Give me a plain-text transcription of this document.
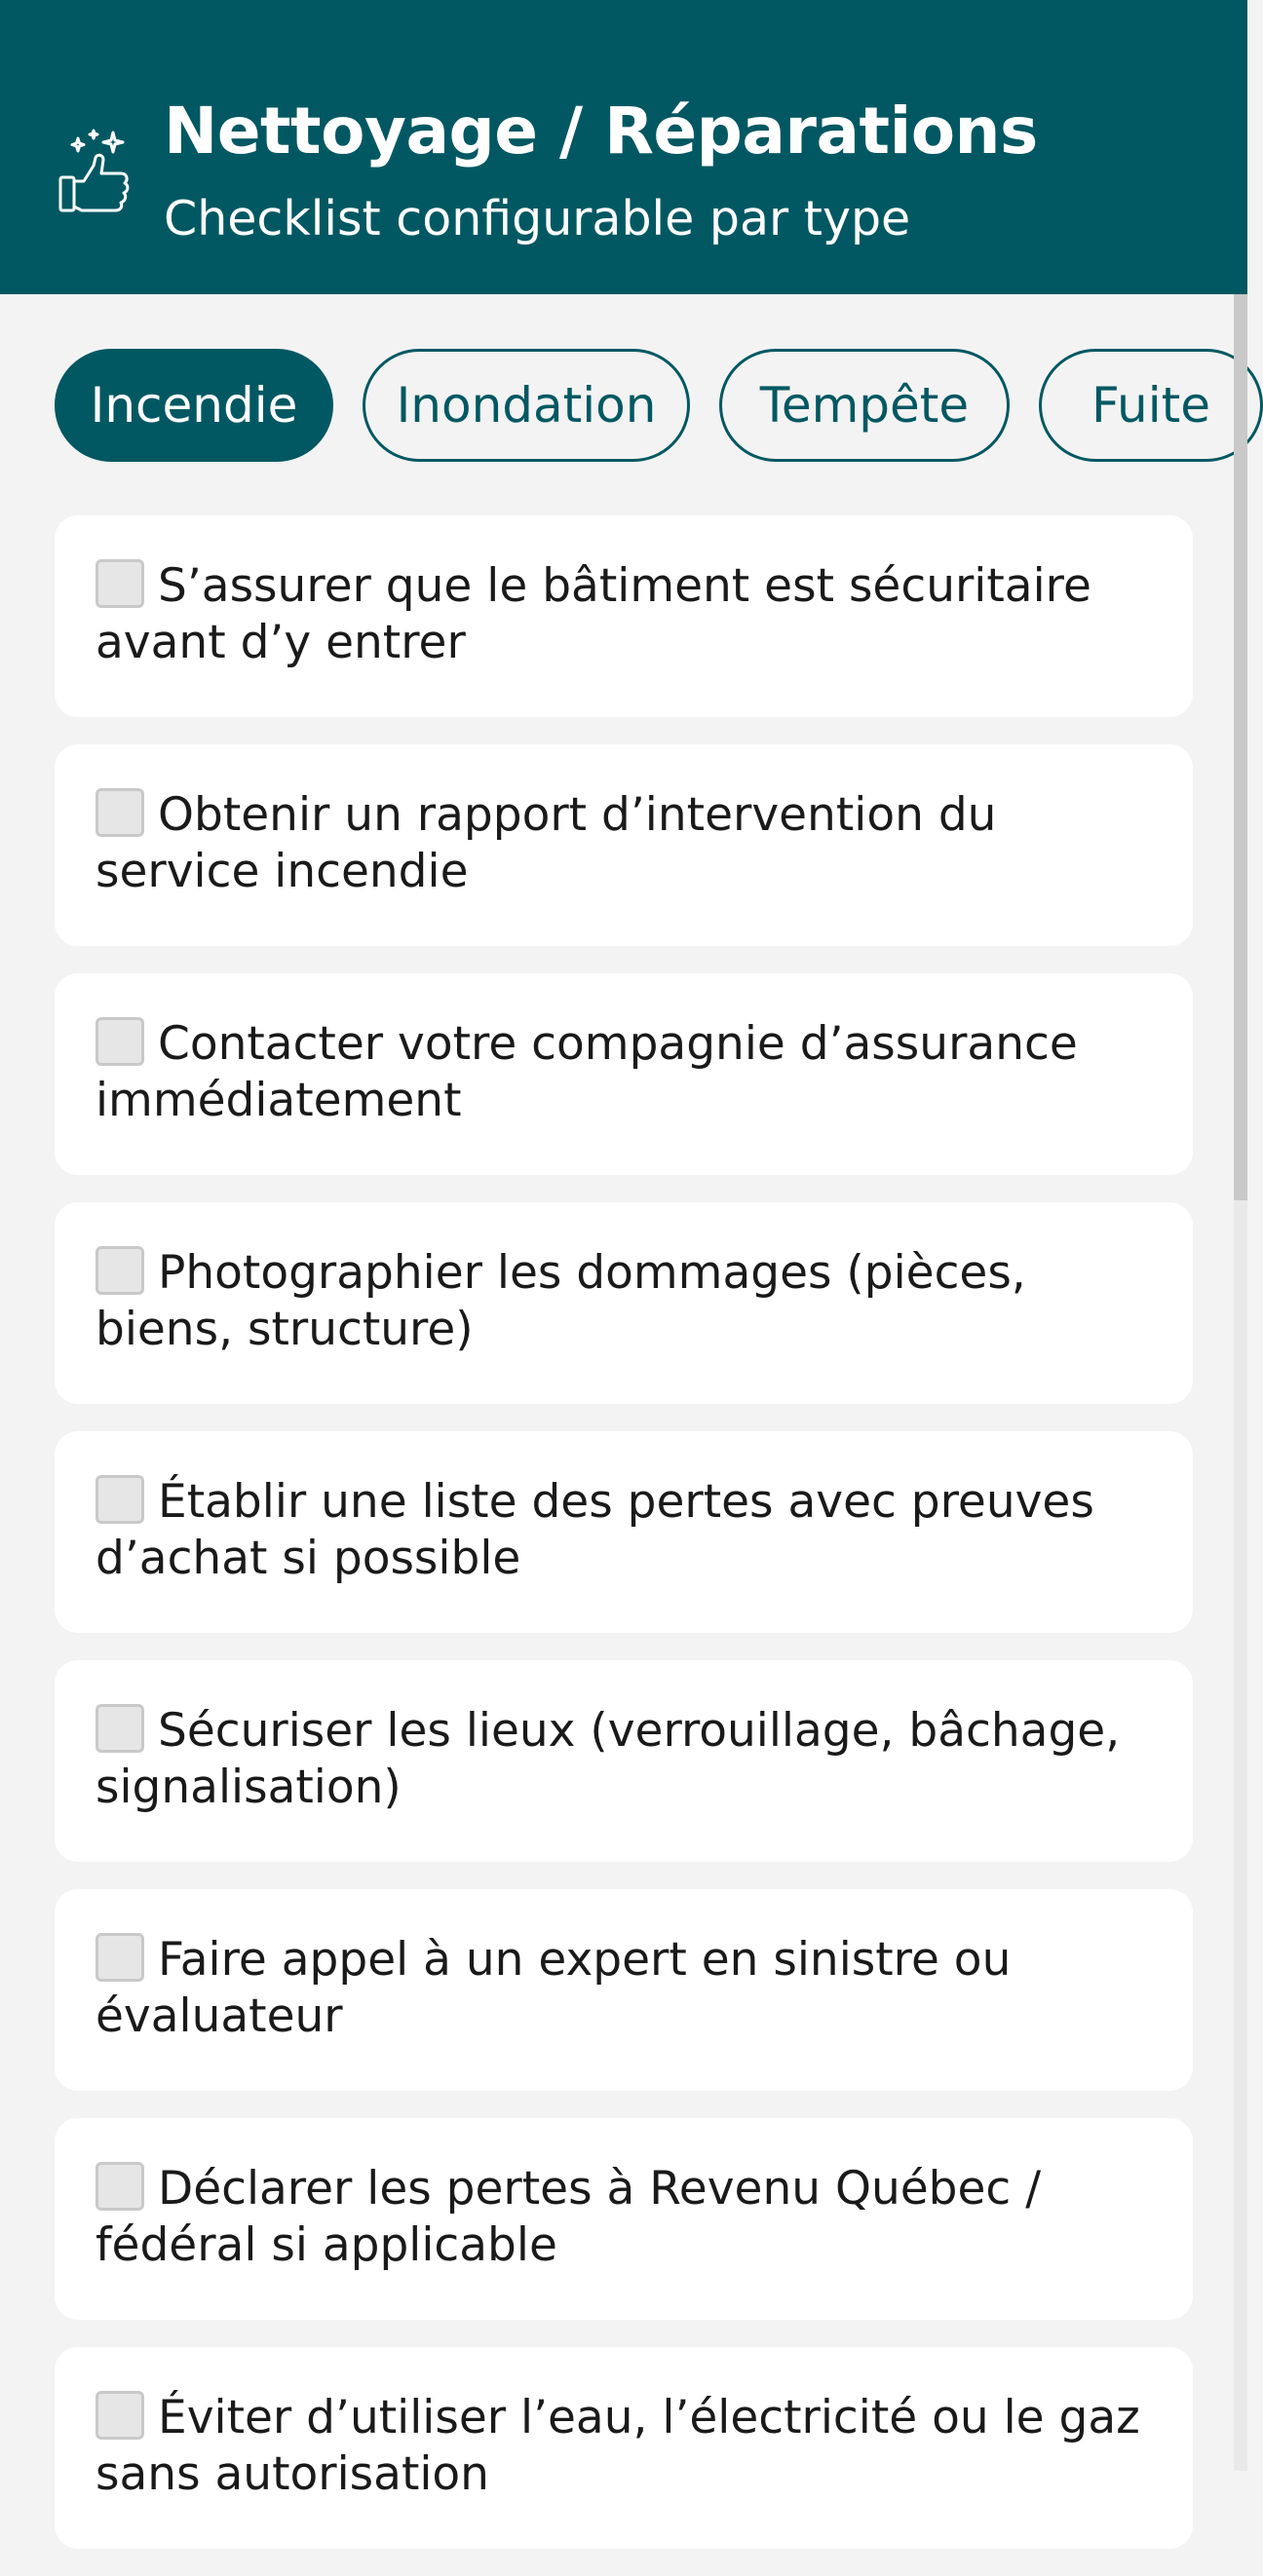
Nettoyage / Réparations
Checklist configurable par type
Incendie	Inondation	Tempête	Fuite
S’assurer que le bâtiment est sécuritaire avant d’y entrer
Obtenir un rapport d’intervention du service incendie
Contacter votre compagnie d’assurance immédiatement
Photographier les dommages (pièces, biens, structure)
Établir une liste des pertes avec preuves d’achat si possible
Sécuriser les lieux (verrouillage, bâchage, signalisation)
Faire appel à un expert en sinistre ou évaluateur
Déclarer les pertes à Revenu Québec / fédéral si applicable
Éviter d’utiliser l’eau, l’électricité ou le gaz sans autorisation
